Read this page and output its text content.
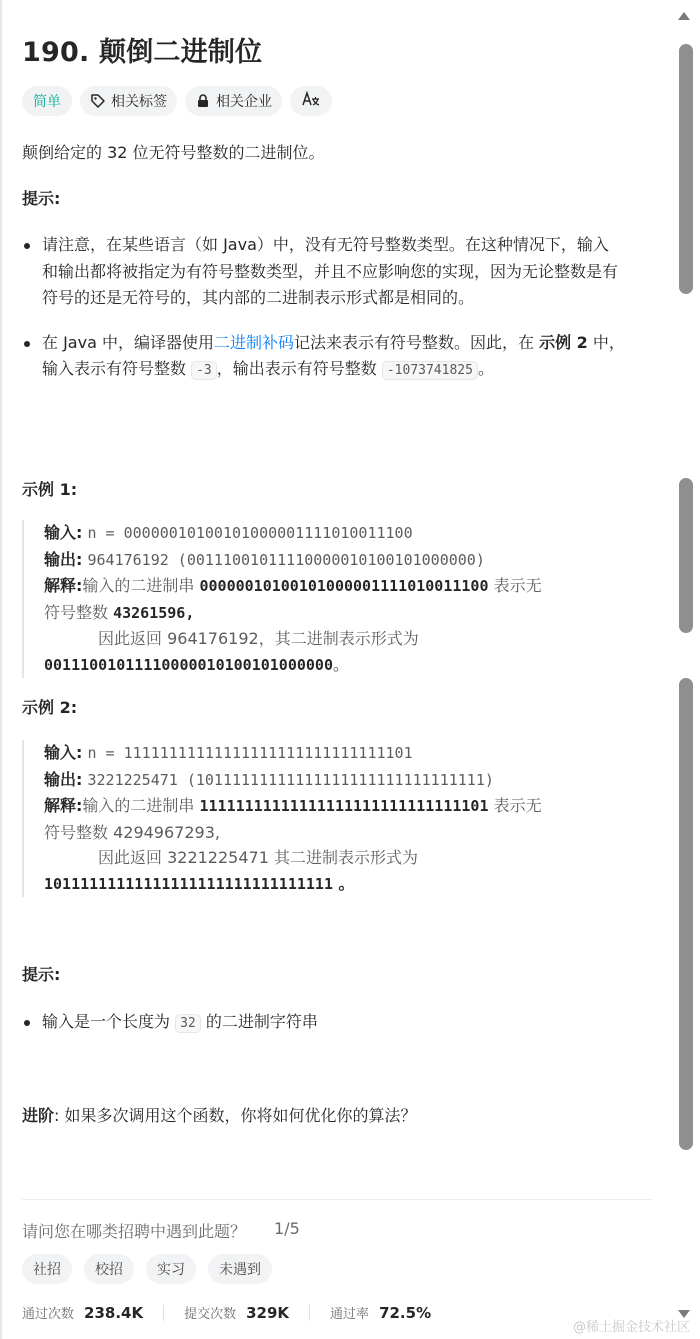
190. 颠倒二进制位
简单	相关标签	相关企业
颠倒给定的 32 位无符号整数的二进制位。
提示:
请注意，在某些语言（如 Java）中，没有无符号整数类型。在这种情况下，输入和输出都将被指定为有符号整数类型，并且不应影响您的实现，因为无论整数是有符号的还是无符号的，其内部的二进制表示形式都是相同的。
在 Java 中，编译器使用二进制补码记法来表示有符号整数。因此，在 示例 2 中，输入表示有符号整数 -3 ，输出表示有符号整数 -1073741825 。
示例 1:
输入: n = 00000010100101000001111010011100
输出: 964176192 (00111001011110000010100101000000)
解释:输入的二进制串 00000010100101000001111010011100 表示无
符号整数 43261596,
因此返回 964176192，其二进制表示形式为
00111001011110000010100101000000。
示例 2:
输入: n = 11111111111111111111111111111101
输出: 3221225471 (10111111111111111111111111111111)
解释:输入的二进制串 11111111111111111111111111111101 表示无
符号整数 4294967293,
因此返回 3221225471 其二进制表示形式为
10111111111111111111111111111111 。
提示:
输入是一个长度为 32 的二进制字符串
进阶: 如果多次调用这个函数，你将如何优化你的算法？
请问您在哪类招聘中遇到此题？ 1/5
社招	校招	实习	未遇到
通过次数 238.4K	提交次数 329K	通过率 72.5%
@稀土掘金技术社区
